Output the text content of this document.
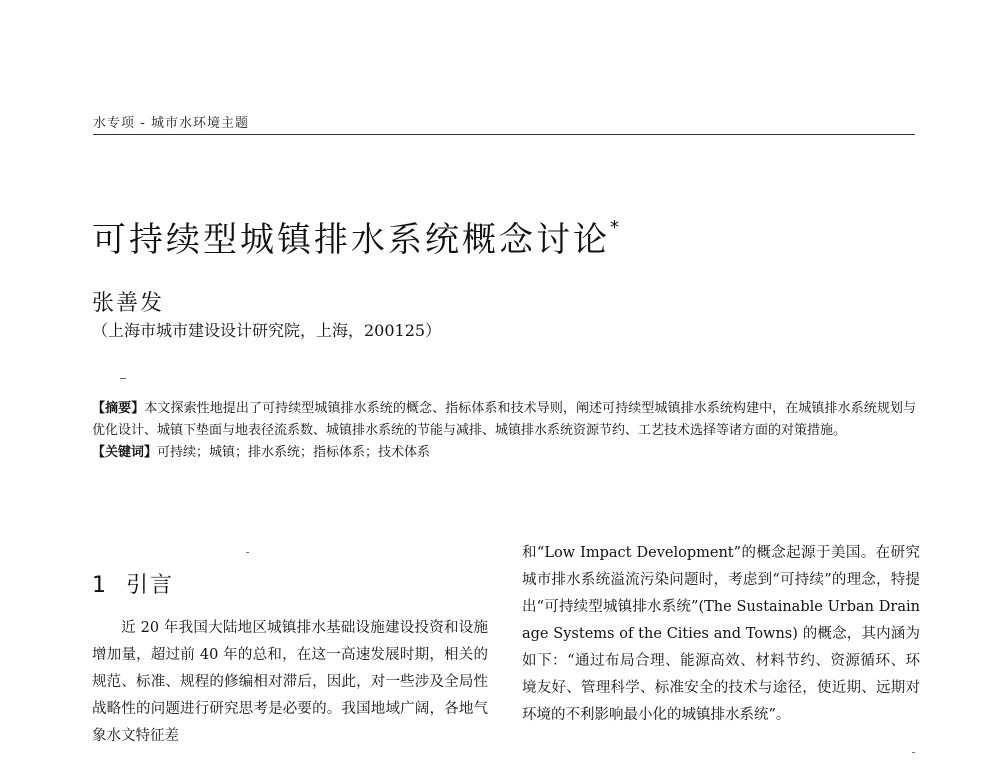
水专项 - 城市水环境主题
可持续型城镇排水系统概念讨论*
张善发
（上海市城市建设设计研究院，上海，200125）

【摘要】本文探索性地提出了可持续型城镇排水系统的概念、指标体系和技术导则，阐述可持续型城镇排水系统构建中，在城镇排水系统规划与优化设计、城镇下垫面与地表径流系数、城镇排水系统的节能与减排、城镇排水系统资源节约、工艺技术选择等诸方面的对策措施。

【关键词】可持续；城镇；排水系统；指标体系；技术体系

1 引言

近 20 年我国大陆地区城镇排水基础设施建设投资和设施增加量，超过前 40 年的总和，在这一高速发展时期，相关的规范、标准、规程的修编相对滞后，因此，对一些涉及全局性战略性的问题进行研究思考是必要的。我国地域广阔，各地气象水文特征差

和“Low Impact Development”的概念起源于美国。在研究城市排水系统溢流污染问题时，考虑到“可持续”的理念，特提出“可持续型城镇排水系统”(The Sustainable Urban Drainage Systems of the Cities and Towns) 的概念，其内涵为如下：“通过布局合理、能源高效、材料节约、资源循环、环境友好、管理科学、标准安全的技术与途径，使近期、远期对环境的不利影响最小化的城镇排水系统”。
